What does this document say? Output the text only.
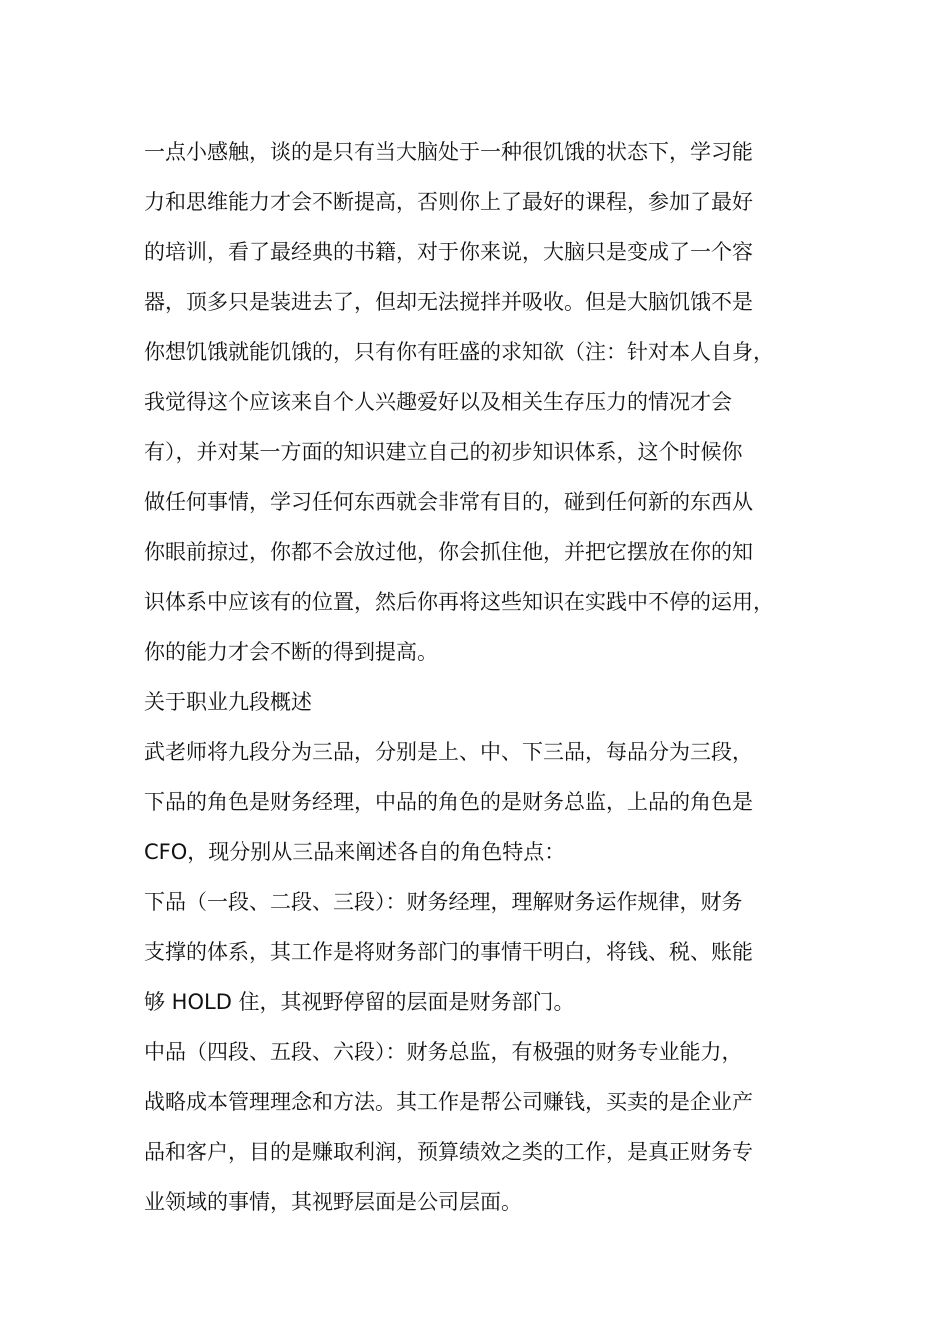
一点小感触，谈的是只有当大脑处于一种很饥饿的状态下，学习能
力和思维能力才会不断提高，否则你上了最好的课程，参加了最好
的培训，看了最经典的书籍，对于你来说，大脑只是变成了一个容
器，顶多只是装进去了，但却无法搅拌并吸收。但是大脑饥饿不是
你想饥饿就能饥饿的，只有你有旺盛的求知欲（注：针对本人自身，
我觉得这个应该来自个人兴趣爱好以及相关生存压力的情况才会
有），并对某一方面的知识建立自己的初步知识体系，这个时候你
做任何事情，学习任何东西就会非常有目的，碰到任何新的东西从
你眼前掠过，你都不会放过他，你会抓住他，并把它摆放在你的知
识体系中应该有的位置，然后你再将这些知识在实践中不停的运用，
你的能力才会不断的得到提高。
关于职业九段概述
武老师将九段分为三品，分别是上、中、下三品，每品分为三段，
下品的角色是财务经理，中品的角色的是财务总监，上品的角色是
CFO，现分别从三品来阐述各自的角色特点：
下品（一段、二段、三段）：财务经理，理解财务运作规律，财务
支撑的体系，其工作是将财务部门的事情干明白，将钱、税、账能
够 HOLD 住，其视野停留的层面是财务部门。
中品（四段、五段、六段）：财务总监，有极强的财务专业能力，
战略成本管理理念和方法。其工作是帮公司赚钱，买卖的是企业产
品和客户，目的是赚取利润，预算绩效之类的工作，是真正财务专
业领域的事情，其视野层面是公司层面。
